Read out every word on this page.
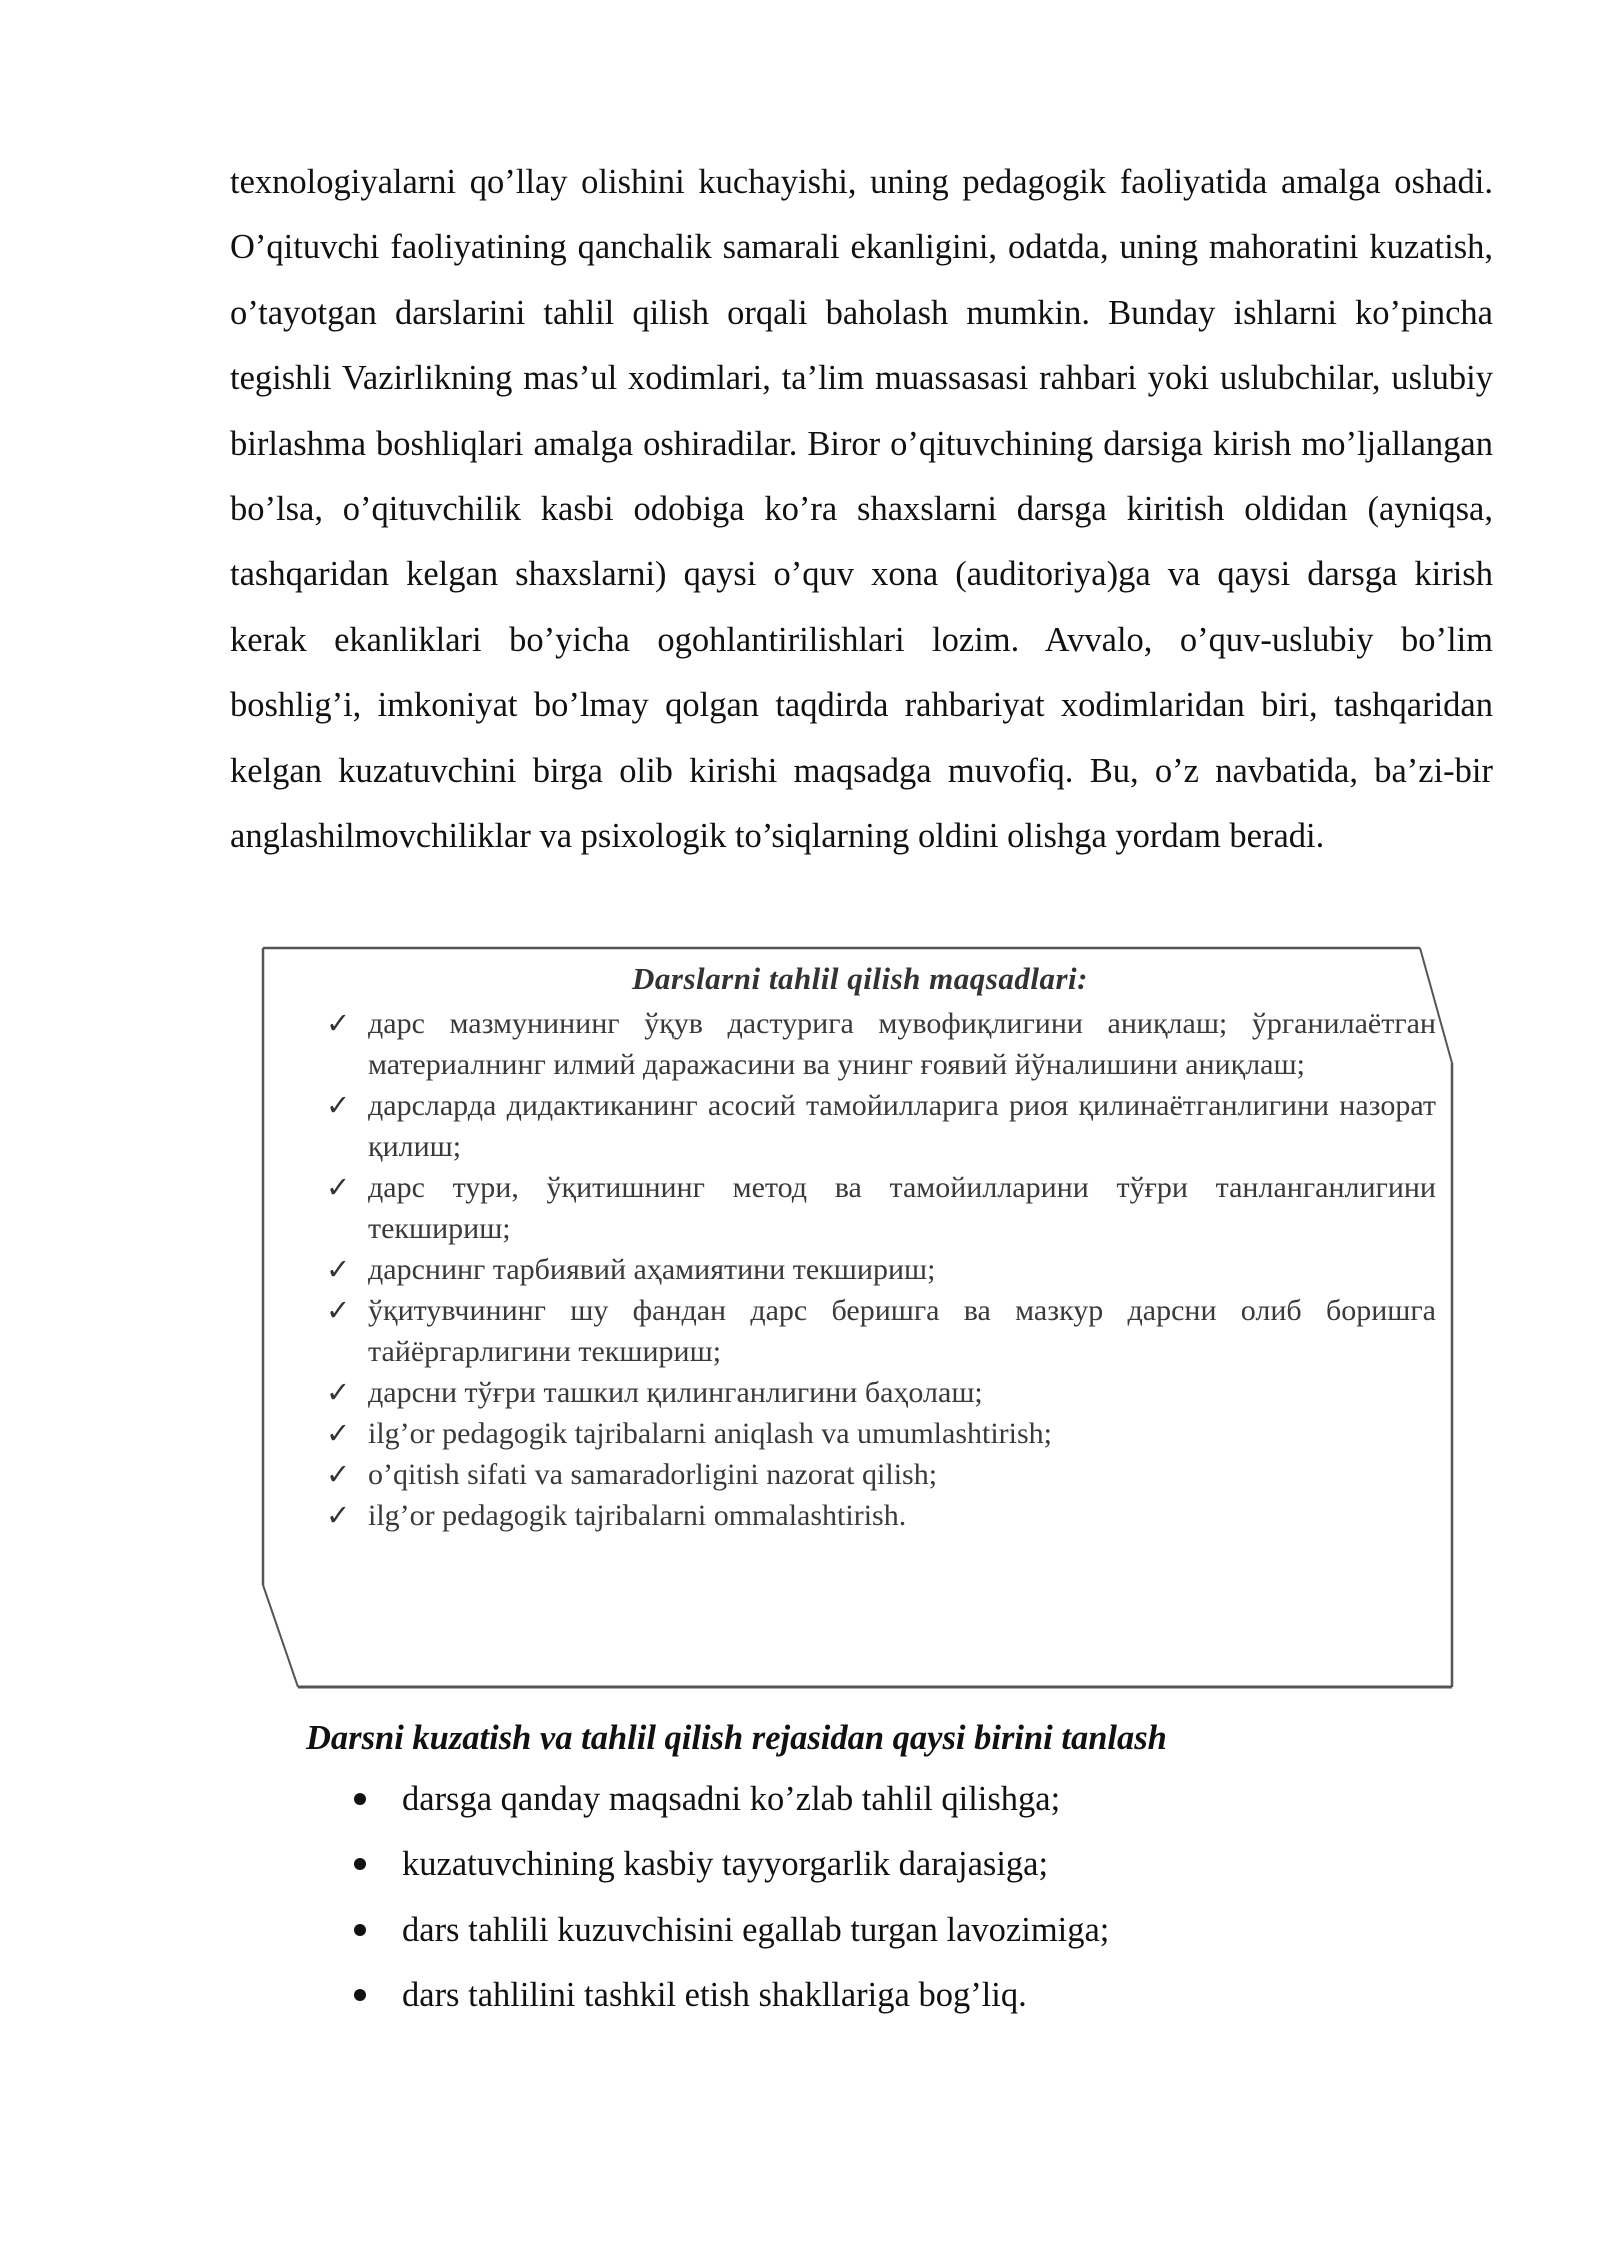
texnologiyalarni qo’llay olishini kuchayishi, uning pedagogik faoliyatida amalga oshadi. O’qituvchi faoliyatining qanchalik samarali ekanligini, odatda, uning mahoratini kuzatish, o’tayotgan darslarini tahlil qilish orqali baholash mumkin. Bunday ishlarni ko’pincha tegishli Vazirlikning mas’ul xodimlari, ta’lim muassasasi rahbari yoki uslubchilar, uslubiy birlashma boshliqlari amalga oshiradilar. Biror o’qituvchining darsiga kirish mo’ljallangan bo’lsa, o’qituvchilik kasbi odobiga ko’ra shaxslarni darsga kiritish oldidan (ayniqsa, tashqaridan kelgan shaxslarni) qaysi o’quv xona (auditoriya)ga va qaysi darsga kirish kerak ekanliklari bo’yicha ogohlantirilishlari lozim. Avvalo, o’quv-uslubiy bo’lim boshlig’i, imkoniyat bo’lmay qolgan taqdirda rahbariyat xodimlaridan biri, tashqaridan kelgan kuzatuvchini birga olib kirishi maqsadga muvofiq. Bu, o’z navbatida, ba’zi-bir anglashilmovchiliklar va psixologik to’siqlarning oldini olishga yordam beradi.

Darslarni tahlil qilish maqsadlari:
✓ дарс мазмунининг ўқув дастурига мувофиқлигини аниқлаш; ўрганилаётган материалнинг илмий даражасини ва унинг ғоявий йўналишини аниқлаш;
✓ дарсларда дидактиканинг асосий тамойилларига риоя қилинаётганлигини назорат қилиш;
✓ дарс тури, ўқитишнинг метод ва тамойилларини тўғри танланганлигини текшириш;
✓ дарснинг тарбиявий аҳамиятини текшириш;
✓ ўқитувчининг шу фандан дарс беришга ва мазкур дарсни олиб боришга тайёргарлигини текшириш;
✓ дарсни тўғри ташкил қилинганлигини баҳолаш;
✓ ilg’or pedagogik tajribalarni aniqlash va umumlashtirish;
✓ o’qitish sifati va samaradorligini nazorat qilish;
✓ ilg’or pedagogik tajribalarni ommalashtirish.
Darsni kuzatish va tahlil qilish rejasidan qaysi birini tanlash
darsga qanday maqsadni ko’zlab tahlil qilishga;
kuzatuvchining kasbiy tayyorgarlik darajasiga;
dars tahlili kuzuvchisini egallab turgan lavozimiga;
dars tahlilini tashkil etish shakllariga bog’liq.
